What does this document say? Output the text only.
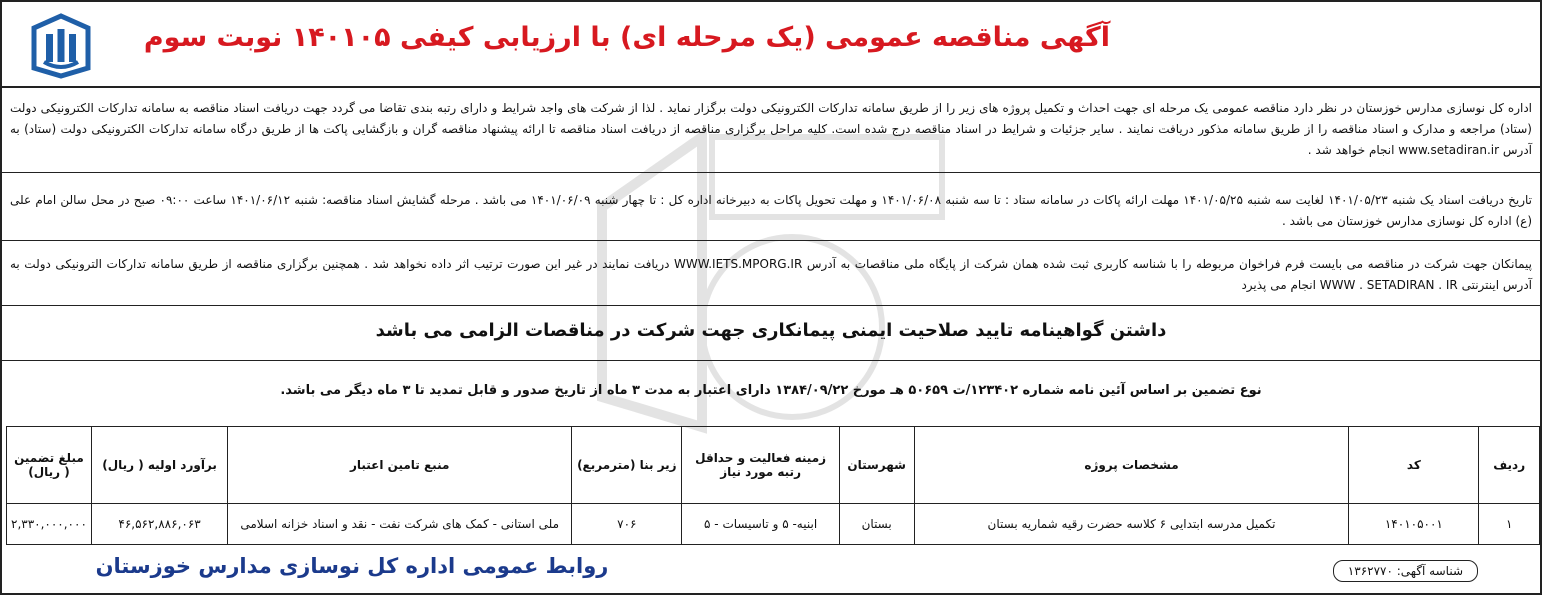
آگهی مناقصه عمومی (یک مرحله ای) با ارزیابی کیفی ۱۴۰۱۰۵ نوبت سوم
اداره کل نوسازی مدارس خوزستان در نظر دارد مناقصه عمومی یک مرحله ای جهت احداث و تکمیل پروژه های زیر را از طریق سامانه تدارکات الکترونیکی دولت برگزار نماید . لذا از شرکت های واجد شرایط و دارای رتبه بندی تقاضا می گردد جهت دریافت اسناد مناقصه به سامانه تدارکات الکترونیکی دولت (ستاد) مراجعه و مدارک و اسناد مناقصه را از طریق سامانه مذکور دریافت نمایند . سایر جزئیات و شرایط در اسناد مناقصه درج شده است. کلیه مراحل برگزاری مناقصه از دریافت اسناد مناقصه تا ارائه پیشنهاد مناقصه گران و بازگشایی پاکت ها از طریق درگاه سامانه تدارکات الکترونیکی دولت (ستاد) به آدرس www.setadiran.ir انجام خواهد شد .
تاریخ دریافت اسناد یک شنبه ۱۴۰۱/۰۵/۲۳ لغایت سه شنبه ۱۴۰۱/۰۵/۲۵ مهلت ارائه پاکات در سامانه ستاد : تا سه شنبه ۱۴۰۱/۰۶/۰۸ و مهلت تحویل پاکات به دبیرخانه اداره کل : تا چهار شنبه ۱۴۰۱/۰۶/۰۹ می باشد . مرحله گشایش اسناد مناقصه: شنبه ۱۴۰۱/۰۶/۱۲ ساعت ۰۹:۰۰ صبح در محل سالن امام علی (ع) اداره کل نوسازی مدارس خوزستان می باشد .
پیمانکان جهت شرکت در مناقصه می بایست فرم فراخوان مربوطه را با شناسه کاربری ثبت شده همان شرکت از پایگاه ملی مناقصات به آدرس WWW.IETS.MPORG.IR دریافت نمایند در غیر این صورت ترتیب اثر داده نخواهد شد . همچنین برگزاری مناقصه از طریق سامانه تدارکات الترونیکی دولت به آدرس اینترنتی WWW . SETADIRAN . IR انجام می پذیرد
داشتن گواهینامه تایید صلاحیت ایمنی پیمانکاری جهت شرکت در مناقصات الزامی می باشد
نوع تضمین بر اساس آئین نامه شماره ۱۲۳۴۰۲/ت ۵۰۶۵۹ هـ مورخ ۱۳۸۴/۰۹/۲۲ دارای اعتبار به مدت ۳ ماه از تاریخ صدور و قابل تمدید تا ۳ ماه دیگر می باشد.
ردیف	کد	مشخصات پروژه	شهرستان	زمینه فعالیت و حداقل رتبه مورد نیاز	زیر بنا (مترمربع)	منبع تامین اعتبار	برآورد اولیه ( ریال)	مبلغ تضمین ( ریال)
۱	۱۴۰۱۰۵۰۰۱	تکمیل مدرسه ابتدایی ۶ کلاسه حضرت رقیه شماریه بستان	بستان	ابنیه- ۵ و تاسیسات - ۵	۷۰۶	ملی استانی - کمک های شرکت نفت - نقد و اسناد خزانه اسلامی	۴۶,۵۶۲,۸۸۶,۰۶۳	۲,۳۳۰,۰۰۰,۰۰۰
روابط عمومی اداره کل نوسازی مدارس خوزستان	شناسه آگهی: ۱۳۶۲۷۷۰
